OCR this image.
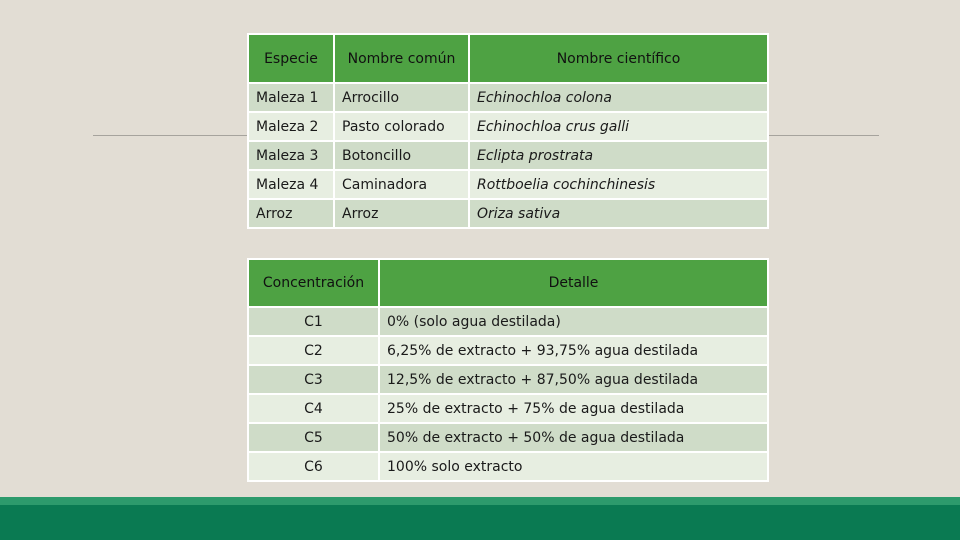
Especie	Nombre común	Nombre científico
Maleza 1	Arrocillo	Echinochloa colona
Maleza 2	Pasto colorado	Echinochloa crus galli
Maleza 3	Botoncillo	Eclipta prostrata
Maleza 4	Caminadora	Rottboelia cochinchinesis
Arroz	Arroz	Oriza sativa
Concentración	Detalle
C1	0% (solo agua destilada)
C2	6,25% de extracto + 93,75% agua destilada
C3	12,5% de extracto + 87,50% agua destilada
C4	25% de extracto + 75% de agua destilada
C5	50% de extracto + 50% de agua destilada
C6	100% solo extracto
